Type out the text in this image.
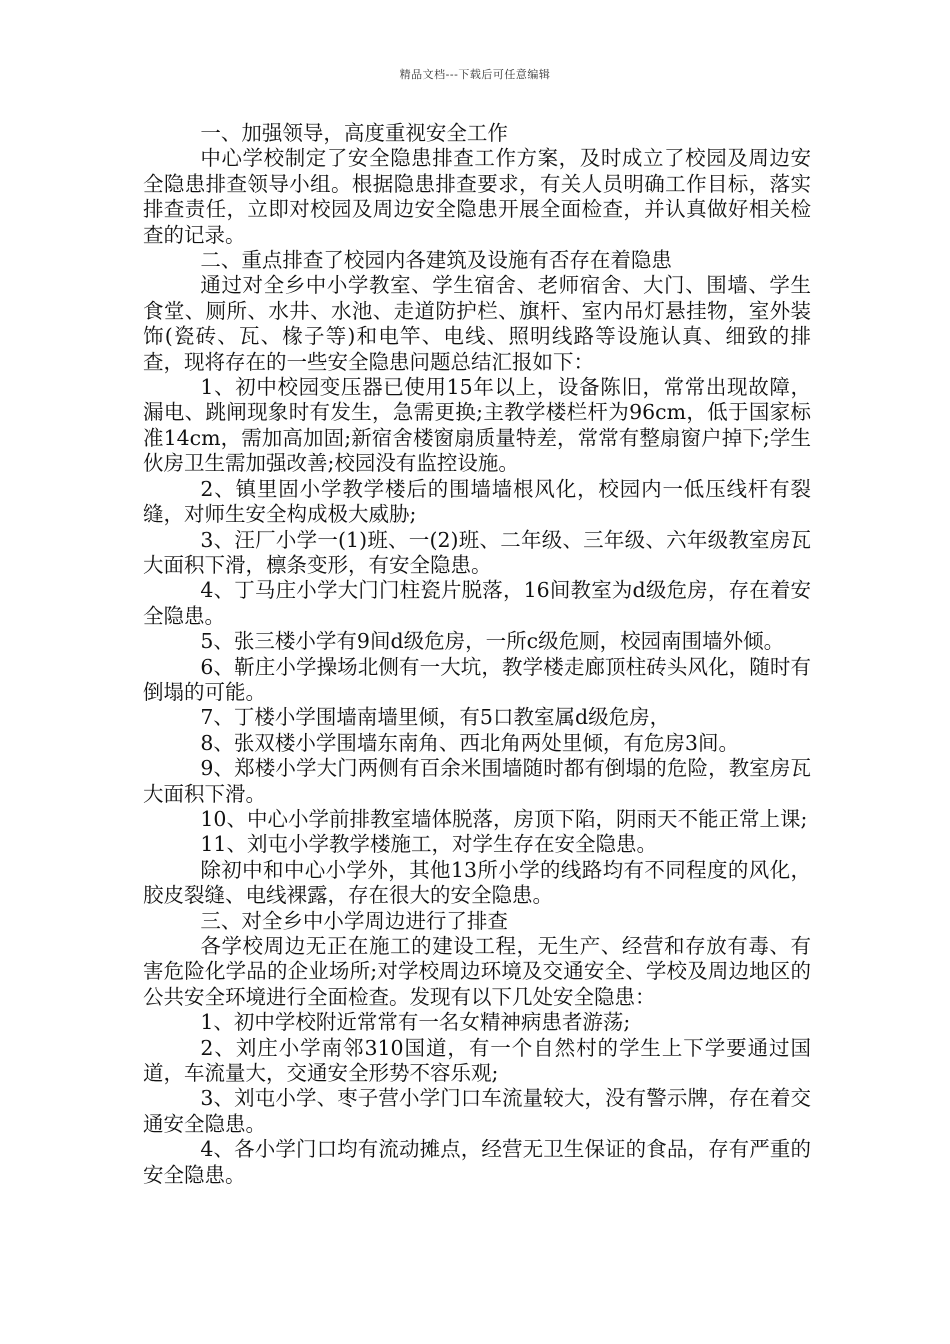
精品文档---下载后可任意编辑

一、加强领导，高度重视安全工作

中心学校制定了安全隐患排查工作方案，及时成立了校园及周边安全隐患排查领导小组。根据隐患排查要求，有关人员明确工作目标，落实排查责任，立即对校园及周边安全隐患开展全面检查，并认真做好相关检查的记录。

二、重点排查了校园内各建筑及设施有否存在着隐患

通过对全乡中小学教室、学生宿舍、老师宿舍、大门、围墙、学生食堂、厕所、水井、水池、走道防护栏、旗杆、室内吊灯悬挂物，室外装饰(瓷砖、瓦、椽子等)和电竿、电线、照明线路等设施认真、细致的排查，现将存在的一些安全隐患问题总结汇报如下：

1、初中校园变压器已使用15年以上，设备陈旧，常常出现故障，漏电、跳闸现象时有发生，急需更换;主教学楼栏杆为96cm，低于国家标准14cm，需加高加固;新宿舍楼窗扇质量特差，常常有整扇窗户掉下;学生伙房卫生需加强改善;校园没有监控设施。

2、镇里固小学教学楼后的围墙墙根风化，校园内一低压线杆有裂缝，对师生安全构成极大威胁;

3、汪厂小学一(1)班、一(2)班、二年级、三年级、六年级教室房瓦大面积下滑，檩条变形，有安全隐患。

4、丁马庄小学大门门柱瓷片脱落，16间教室为d级危房，存在着安全隐患。

5、张三楼小学有9间d级危房，一所c级危厕，校园南围墙外倾。

6、靳庄小学操场北侧有一大坑，教学楼走廊顶柱砖头风化，随时有倒塌的可能。

7、丁楼小学围墙南墙里倾，有5口教室属d级危房，

8、张双楼小学围墙东南角、西北角两处里倾，有危房3间。

9、郑楼小学大门两侧有百余米围墙随时都有倒塌的危险，教室房瓦大面积下滑。

10、中心小学前排教室墙体脱落，房顶下陷，阴雨天不能正常上课;

11、刘屯小学教学楼施工，对学生存在安全隐患。

除初中和中心小学外，其他13所小学的线路均有不同程度的风化，胶皮裂缝、电线裸露，存在很大的安全隐患。

三、对全乡中小学周边进行了排查

各学校周边无正在施工的建设工程，无生产、经营和存放有毒、有害危险化学品的企业场所;对学校周边环境及交通安全、学校及周边地区的公共安全环境进行全面检查。发现有以下几处安全隐患：

1、初中学校附近常常有一名女精神病患者游荡;

2、刘庄小学南邻310国道，有一个自然村的学生上下学要通过国道，车流量大，交通安全形势不容乐观;

3、刘屯小学、枣子营小学门口车流量较大，没有警示牌，存在着交通安全隐患。

4、各小学门口均有流动摊点，经营无卫生保证的食品，存有严重的安全隐患。
